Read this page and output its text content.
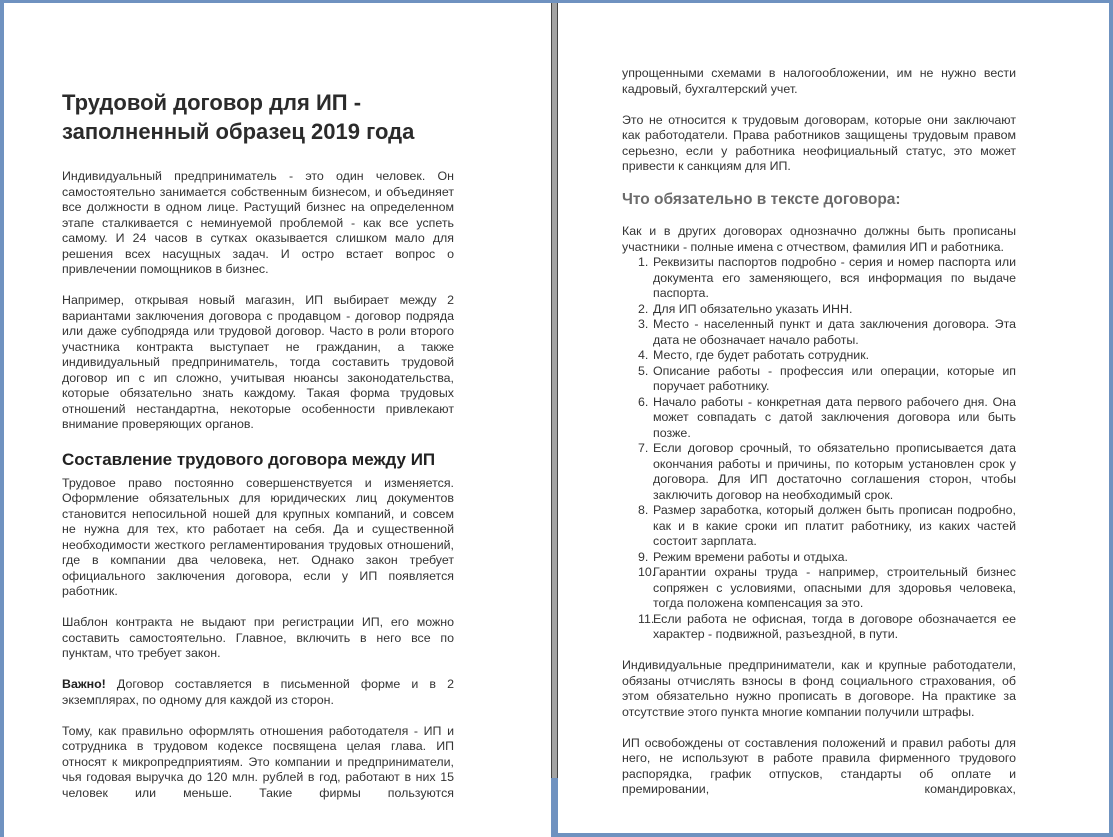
Трудовой договор для ИП - заполненный образец 2019 года

Индивидуальный предприниматель - это один человек. Он самостоятельно занимается собственным бизнесом, и объединяет все должности в одном лице. Растущий бизнес на определенном этапе сталкивается с неминуемой проблемой - как все успеть самому. И 24 часов в сутках оказывается слишком мало для решения всех насущных задач. И остро встает вопрос о привлечении помощников в бизнес.

Например, открывая новый магазин, ИП выбирает между 2 вариантами заключения договора с продавцом - договор подряда или даже субподряда или трудовой договор. Часто в роли второго участника контракта выступает не гражданин, а также индивидуальный предприниматель, тогда составить трудовой договор ип с ип сложно, учитывая нюансы законодательства, которые обязательно знать каждому. Такая форма трудовых отношений нестандартна, некоторые особенности привлекают внимание проверяющих органов.

Составление трудового договора между ИП

Трудовое право постоянно совершенствуется и изменяется. Оформление обязательных для юридических лиц документов становится непосильной ношей для крупных компаний, и совсем не нужна для тех, кто работает на себя. Да и существенной необходимости жесткого регламентирования трудовых отношений, где в компании два человека, нет. Однако закон требует официального заключения договора, если у ИП появляется работник.

Шаблон контракта не выдают при регистрации ИП, его можно составить самостоятельно. Главное, включить в него все по пунктам, что требует закон.

Важно! Договор составляется в письменной форме и в 2 экземплярах, по одному для каждой из сторон.

Тому, как правильно оформлять отношения работодателя - ИП и сотрудника в трудовом кодексе посвящена целая глава. ИП относят к микропредприятиям. Это компании и предприниматели, чья годовая выручка до 120 млн. рублей в год, работают в них 15 человек или меньше. Такие фирмы пользуются

упрощенными схемами в налогообложении, им не нужно вести кадровый, бухгалтерский учет.

Это не относится к трудовым договорам, которые они заключают как работодатели. Права работников защищены трудовым правом серьезно, если у работника неофициальный статус, это может привести к санкциям для ИП.

Что обязательно в тексте договора:

Как и в других договорах однозначно должны быть прописаны участники - полные имена с отчеством, фамилия ИП и работника.

1. Реквизиты паспортов подробно - серия и номер паспорта или документа его заменяющего, вся информация по выдаче паспорта.
2. Для ИП обязательно указать ИНН.
3. Место - населенный пункт и дата заключения договора. Эта дата не обозначает начало работы.
4. Место, где будет работать сотрудник.
5. Описание работы - профессия или операции, которые ип поручает работнику.
6. Начало работы - конкретная дата первого рабочего дня. Она может совпадать с датой заключения договора или быть позже.
7. Если договор срочный, то обязательно прописывается дата окончания работы и причины, по которым установлен срок у договора. Для ИП достаточно соглашения сторон, чтобы заключить договор на необходимый срок.
8. Размер заработка, который должен быть прописан подробно, как и в какие сроки ип платит работнику, из каких частей состоит зарплата.
9. Режим времени работы и отдыха.
10.
Гарантии охраны труда - например, строительный бизнес сопряжен с условиями, опасными для здоровья человека, тогда положена компенсация за это.
11.
Если работа не офисная, тогда в договоре обозначается ее характер - подвижной, разъездной, в пути.

Индивидуальные предприниматели, как и крупные работодатели, обязаны отчислять взносы в фонд социального страхования, об этом обязательно нужно прописать в договоре. На практике за отсутствие этого пункта многие компании получили штрафы.

ИП освобождены от составления положений и правил работы для него, не используют в работе правила фирменного трудового распорядка, график отпусков, стандарты об оплате и премировании, командировках,
